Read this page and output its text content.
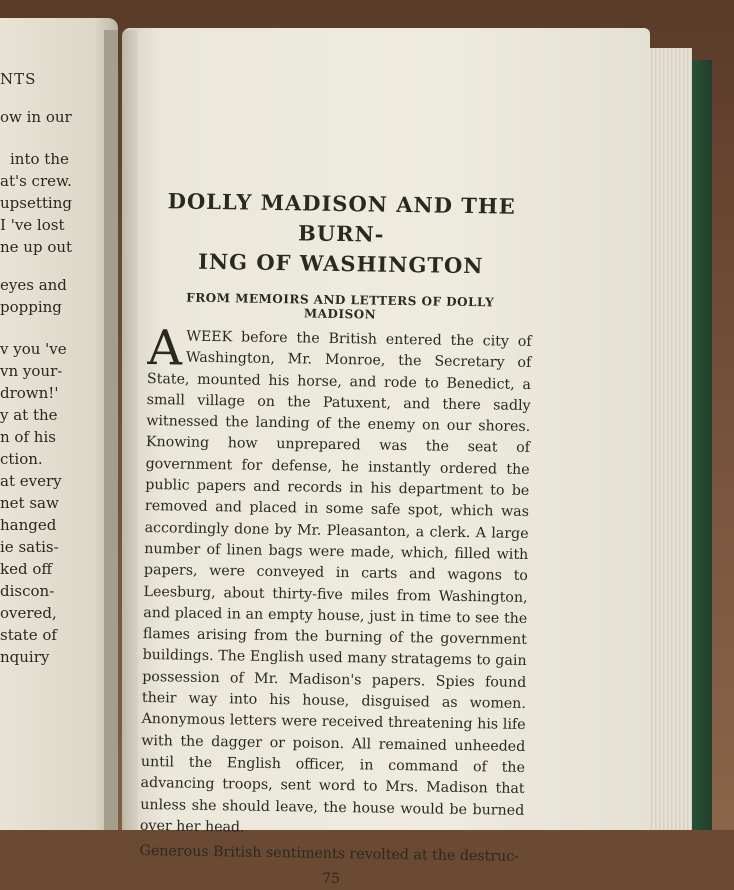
NTS
ow in our
into the
at's crew.
upsetting
I 've lost
ne up out
eyes and
popping
v you 've
vn your-
drown!'
y at the
n of his
ction.
at every
net saw
hanged
ie satis-
ked off
discon-
overed,
state of
nquiry
DOLLY MADISON AND THE BURN-
ING OF WASHINGTON
FROM MEMOIRS AND LETTERS OF DOLLY MADISON

AWEEK before the British entered the city of Washington, Mr. Monroe, the Secretary of State, mounted his horse, and rode to Benedict, a small village on the Patuxent, and there sadly witnessed the landing of the enemy on our shores. Knowing how unprepared was the seat of government for defense, he instantly ordered the public papers and records in his department to be removed and placed in some safe spot, which was accordingly done by Mr. Pleasanton, a clerk. A large number of linen bags were made, which, filled with papers, were conveyed in carts and wagons to Leesburg, about thirty-five miles from Washington, and placed in an empty house, just in time to see the flames arising from the burning of the government buildings. The English used many stratagems to gain possession of Mr. Madison's papers. Spies found their way into his house, disguised as women. Anonymous letters were received threatening his life with the dagger or poison. All remained unheeded until the English officer, in command of the advancing troops, sent word to Mrs. Madison that unless she should leave, the house would be burned over her head.

Generous British sentiments revolted at the destruc-

75
